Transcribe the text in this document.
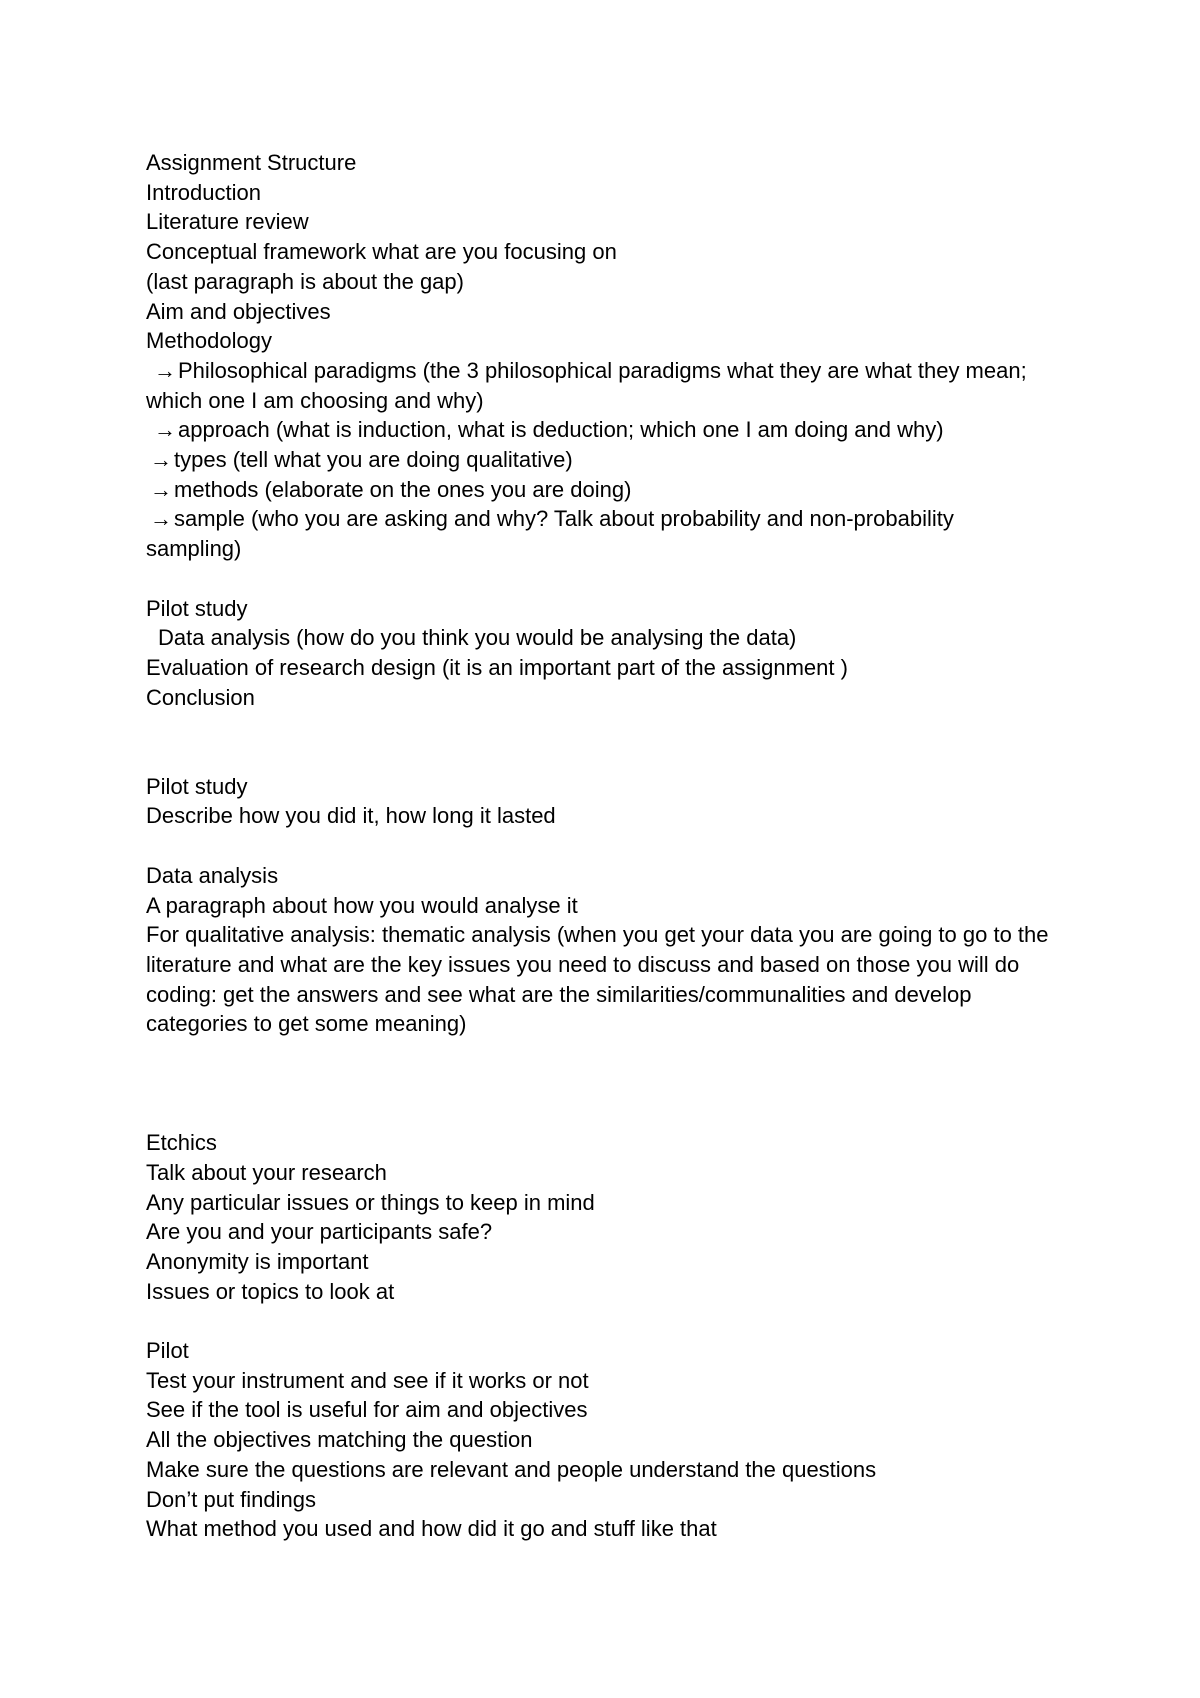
Assignment Structure
Introduction
Literature review
Conceptual framework what are you focusing on
(last paragraph is about the gap)
Aim and objectives
Methodology
→Philosophical paradigms (the 3 philosophical paradigms what they are what they mean;
which one I am choosing and why)
→approach (what is induction, what is deduction; which one I am doing and why)
→types (tell what you are doing qualitative)
→methods (elaborate on the ones you are doing)
→sample (who you are asking and why? Talk about probability and non-probability
sampling)
Pilot study
Data analysis (how do you think you would be analysing the data)
Evaluation of research design (it is an important part of the assignment )
Conclusion
Pilot study
Describe how you did it, how long it lasted
Data analysis
A paragraph about how you would analyse it
For qualitative analysis: thematic analysis (when you get your data you are going to go to the
literature and what are the key issues you need to discuss and based on those you will do
coding: get the answers and see what are the similarities/communalities and develop
categories to get some meaning)
Etchics
Talk about your research
Any particular issues or things to keep in mind
Are you and your participants safe?
Anonymity is important
Issues or topics to look at
Pilot
Test your instrument and see if it works or not
See if the tool is useful for aim and objectives
All the objectives matching the question
Make sure the questions are relevant and people understand the questions
Don’t put findings
What method you used and how did it go and stuff like that
